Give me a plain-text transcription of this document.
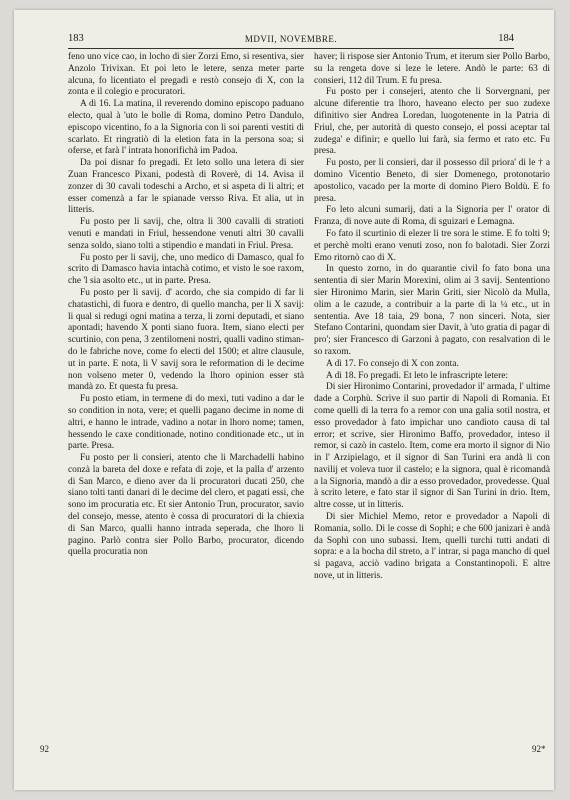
183	MDVII, NOVEMBRE.	184

feno uno vice cao, in locho di sier Zorzi Emo, si resentiva, sier Anzolo Trivixan. Et poi leto le letere, senza meter parte alcuna, fo licentiato el pregadi e restò consejo di X, con la zonta e il colegio e procuratori.

A dì 16. La matina, il reverendo domino episcopo paduano electo, qual à 'uto le bolle di Roma, domino Petro Dandulo, episcopo vicentino, fo a la Signoria con li soi parenti vestiti di scarlato. Et ringratiò di la eletion fata in la persona soa; si oferse, et farà l' intrata honorifichà im Padoa.

Da poi disnar fo pregadi. Et leto sollo una letera di sier Zuan Francesco Pixani, podestà di Roverè, di 14. Avisa il zonzer di 30 cavali todeschi a Archo, et si aspeta di li altri; et esser comenzà a far le spianade versso Riva. Et alia, ut in litteris.

Fu posto per li savij, che, oltra li 300 cavalli di stratioti venuti e mandati in Friul, hessendone venuti altri 30 cavalli senza soldo, siano tolti a stipendio e mandati in Friul. Presa.

Fu posto per li savij, che, uno medico di Damasco, qual fo scrito di Damasco havia intachà cotimo, et visto le soe raxom, che 'l sia asolto etc., ut in parte. Presa.

Fu posto per li savij. d' acordo, che sia compido di far li chatastichi, di fuora e dentro, di quello mancha, per li X savij: li qual si redugi ogni matina a terza, li zorni deputadi, et siano apontadi; havendo X ponti siano fuora. Item, siano electi per scurtinio, con pena, 3 zentilomeni nostri, qualli vadino stimando le fabriche nove, come fo electi del 1500; et altre clausule, ut in parte. E nota, li V savij sora le reformation di le decime non volseno meter 0, vedendo la lhoro opinion esser stà mandà zo. Et questa fu presa.

Fu posto etiam, in termene di do mexi, tuti vadino a dar le so condition in nota, vere; et quelli pagano decime in nome di altri, e hanno le intrade, vadino a notar in lhoro nome; tamen, hessendo le caxe conditionade, notino conditionade etc., ut in parte. Presa.

Fu posto per li consieri, atento che li Marchadelli habino conzà la bareta del doxe e refata di zoje, et la palla d' arzento di San Marco, e dieno aver da li procuratori ducati 250, che siano tolti tanti danari di le decime del clero, et pagati essi, che sono im procuratia etc. Et sier Antonio Trun, procurator, savio del consejo, messe, atento è cossa di procuratori di la chiexia di San Marco, qualli hanno intrada seperada, che lhoro li pagino. Parlò contra sier Pollo Barbo, procurator, dicendo quella procuratia non

haver; li rispose sier Antonio Trum, et iterum sier Pollo Barbo, su la rengeta dove si leze le letere. Andò le parte: 63 di consieri, 112 dil Trum. E fu presa.

Fu posto per i consejeri, atento che li Sorvergnani, per alcune diferentie tra lhoro, haveano electo per suo zudexe difinitivo sier Andrea Loredan, luogotenente in la Patria di Friul, che, per autorità di questo consejo, el possi aceptar tal zudega' e difinir; e quello lui farà, sia fermo et rato etc. Fu presa.

Fu posto, per li consieri, dar il possesso dil priora' di le † a domino Vicentio Beneto, di sier Domenego, protonotario apostolico, vacado per la morte di domino Piero Boldù. E fo presa.

Fo leto alcuni sumarij, dati a la Signoria per l' orator di Franza, di nove aute di Roma, di sguizari e Lemagna.

Fo fato il scurtinio di elezer li tre sora le stime. E fo tolti 9; et perchè molti erano venuti zoso, non fo balotadi. Sier Zorzi Emo ritornò cao di X.

In questo zorno, in do quarantie civil fo fato bona una sententia di sier Marin Morexini, olim ai 3 savij. Sententiono sier Hironimo Marin, sier Marin Griti, sier Nicolò da Mulla, olim a le cazude, a contribuir a la parte di la ¼ etc., ut in sententia. Ave 18 taia, 29 bona, 7 non sinceri. Nota, sier Stefano Contarini, quondam sier Davit, à 'uto gratia di pagar di pro'; sier Francesco di Garzoni à pagato, con resalvation di le so raxom.

A dì 17. Fo consejo di X con zonta.

A dì 18. Fo pregadi. Et leto le infrascripte letere:

Di sier Hironimo Contarini, provedador il' armada, l' ultime dade a Corphù. Scrive il suo partir di Napoli di Romania. Et come quelli di la terra fo a remor con una galia sotil nostra, et esso provedador à fato impichar uno candioto causa di tal error; et scrive, sier Hironimo Baffo, provedador, inteso il remor, si cazò in castelo. Item, come era morto il signor di Nio in l' Arzipielago, et il signor di San Turini era andà li con navilij et voleva tuor il castelo; e la signora, qual è ricomandà a la Signoria, mandò a dir a esso provedador, provedesse. Qual à scrito letere, e fato star il signor di San Turini in drio. Item, altre cosse, ut in litteris.

Di sier Michiel Memo, retor e provedador a Napoli di Romania, sollo. Di le cosse di Sophi; e che 600 janizari è andà da Sophì con uno subassi. Item, quelli turchi tutti andati di sopra: e a la bocha dil streto, a l' intrar, si paga mancho di quel si pagava, acciò vadino brigata a Constantinopoli. E altre nove, ut in litteris.

92	92*
